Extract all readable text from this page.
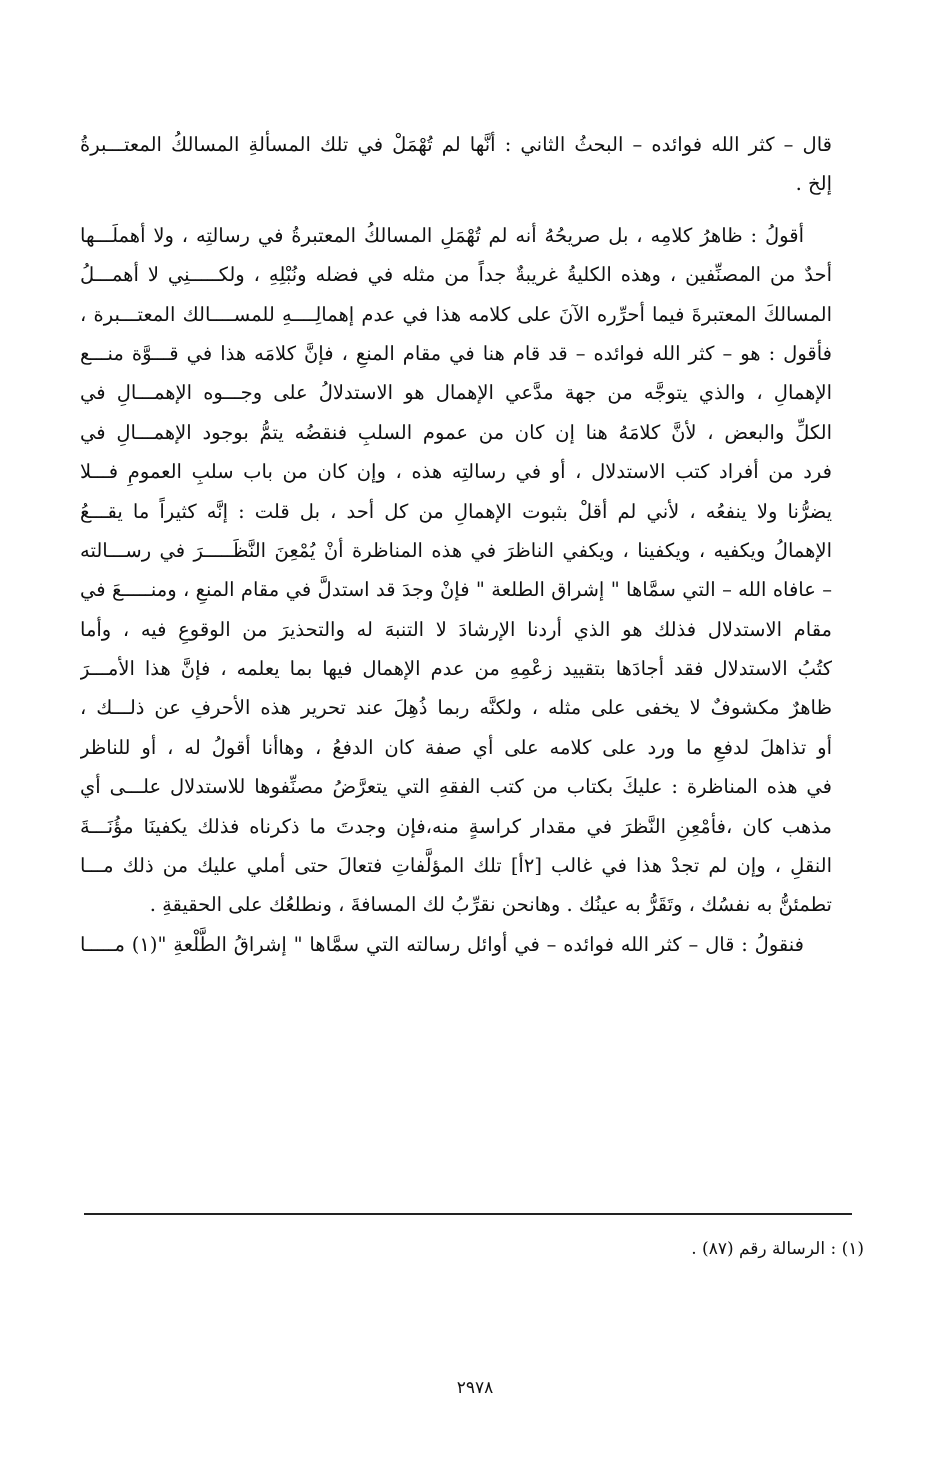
قال – كثر الله فوائده – البحثُ الثاني : أنَّها لم تُهْمَلْ في تلك المسألةِ المسالكُ المعتـــبرةُ
إلخ .
أقولُ : ظاهرُ كلامِه ، بل صريحُهُ أنه لم تُهْمَلِ المسالكُ المعتبرةُ في رسالتِه ، ولا أهملَـــها
أحدٌ من المصنِّفين ، وهذه الكليةُ غريبةٌ جداً من مثله في فضله ونُبْلِهِ ، ولكـــــنِي لا أهمـــلُ
المسالكَ المعتبرةَ فيما أحرِّره الآنَ على كلامه هذا في عدم إهمالِــــهِ للمســــالك المعتـــبرة ،
فأقول : هو – كثر الله فوائده – قد قام هنا في مقام المنعِ ، فإنَّ كلامَه هذا في قـــوَّة منـــع
الإهمالِ ، والذي يتوجَّه من جهة مدَّعي الإهمال هو الاستدلالُ على وجـــوه الإهمـــالِ في
الكلِّ والبعض ، لأنَّ كلامَهُ هنا إن كان من عموم السلبِ فنقضُه يتمُّ بوجود الإهمـــالِ في
فرد من أفراد كتب الاستدلال ، أو في رسالتِه هذه ، وإن كان من باب سلبِ العمومِ فـــلا
يضرُّنا ولا ينفعُه ، لأني لم أقلْ بثبوت الإهمالِ من كل أحد ، بل قلت : إنَّه كثيراً ما يقـــعُ
الإهمالُ ويكفيه ، ويكفينا ، ويكفي الناظرَ في هذه المناظرة أنْ يُمْعِنَ النَّظَـــــرَ في رســـالته
– عافاه الله – التي سمَّاها " إشراق الطلعة " فإنْ وجدَ قد استدلَّ في مقام المنعِ ، ومنـــــعَ في
مقام الاستدلال فذلك هو الذي أردنا الإرشادَ لا التنبهَ له والتحذيرَ من الوقوعِ فيه ، وأما
كتُبُ الاستدلال فقد أجادَها بتقييد زعْمِهِ من عدم الإهمال فيها بما يعلمه ، فإنَّ هذا الأمـــرَ
ظاهرٌ مكشوفٌ لا يخفى على مثله ، ولكنَّه ربما ذُهِلَ عند تحرير هذه الأحرفِ عن ذلـــك ،
أو تذاهلَ لدفعِ ما ورد على كلامه على أي صفة كان الدفعُ ، وهاأنا أقولُ له ، أو للناظر
في هذه المناظرة : عليكَ بكتاب من كتب الفقهِ التي يتعرَّضُ مصنِّفوها للاستدلال علـــى أي
مذهب كان ،فأمْعِنِ النَّظرَ في مقدار كراسةٍ منه،فإن وجدتَ ما ذكرناه فذلك يكفينَا مؤُنَـــةَ
النقلِ ، وإن لم تجدْ هذا في غالب [٢أ] تلك المؤلَّفاتِ فتعالَ حتى أملي عليك من ذلك مـــا
تطمئنُّ به نفسُك ، وتَقَرُّ به عينُك . وهانحن نقرِّبُ لك المسافةَ ، ونطلعُك على الحقيقةِ .
فنقولُ : قال – كثر الله فوائده – في أوائل رسالته التي سمَّاها " إشراقُ الطَّلْعةِ "(١) مـــــا
(١) : الرسالة رقم (٨٧) .
٢٩٧٨
